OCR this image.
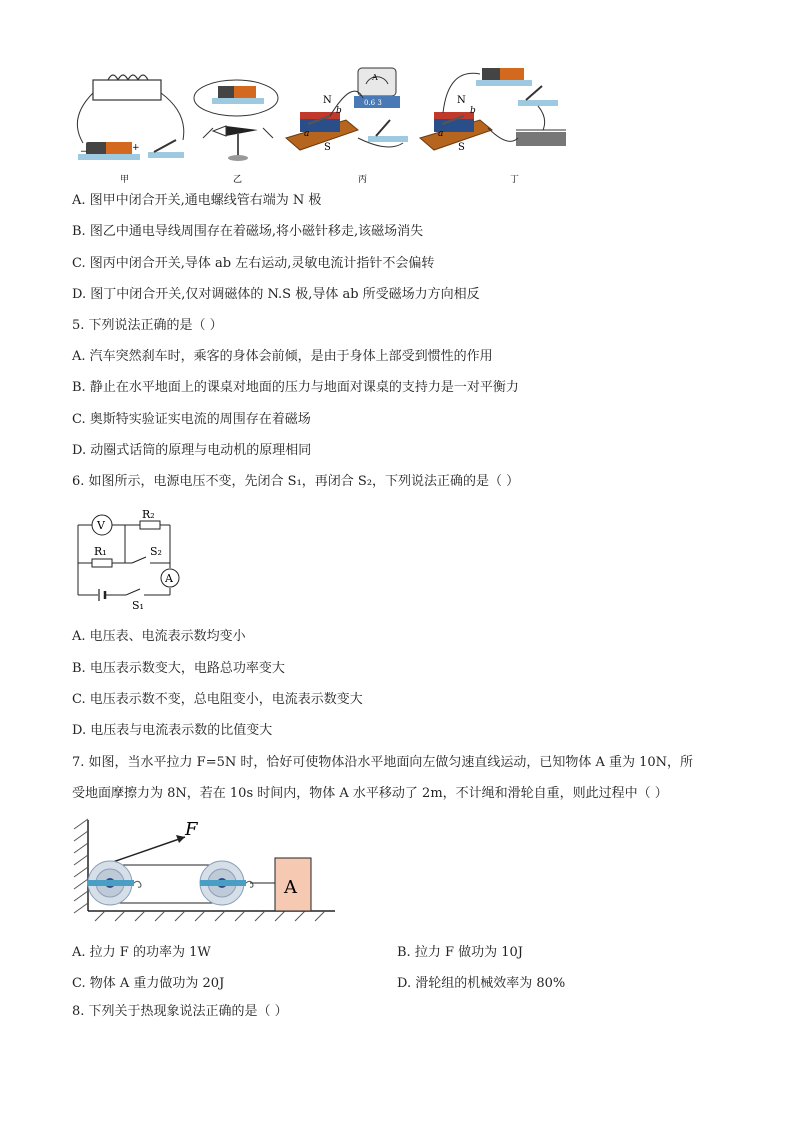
−	+
N
b
a
S
A
0.6 3	N
b
a
S
甲	乙	丙	丁
A. 图甲中闭合开关,通电螺线管右端为 N 极
B. 图乙中通电导线周围存在着磁场,将小磁针移走,该磁场消失
C. 图丙中闭合开关,导体 ab 左右运动,灵敏电流计指针不会偏转
D. 图丁中闭合开关,仅对调磁体的 N.S 极,导体 ab 所受磁场力方向相反
5. 下列说法正确的是（ ）
A. 汽车突然刹车时，乘客的身体会前倾，是由于身体上部受到惯性的作用
B. 静止在水平地面上的课桌对地面的压力与地面对课桌的支持力是一对平衡力
C. 奥斯特实验证实电流的周围存在着磁场
D. 动圈式话筒的原理与电动机的原理相同
6. 如图所示，电源电压不变，先闭合 S₁，再闭合 S₂，下列说法正确的是（ ）
V
A
R₂
R₁	S₂
S₁
A. 电压表、电流表示数均变小
B. 电压表示数变大，电路总功率变大
C. 电压表示数不变，总电阻变小，电流表示数变大
D. 电压表与电流表示数的比值变大
7. 如图，当水平拉力 F=5N 时，恰好可使物体沿水平地面向左做匀速直线运动，已知物体 A 重为 10N，所
受地面摩擦力为 8N，若在 10s 时间内，物体 A 水平移动了 2m，不计绳和滑轮自重，则此过程中（ ）
F
A
A. 拉力 F 的功率为 1W	B. 拉力 F 做功为 10J
C. 物体 A 重力做功为 20J	D. 滑轮组的机械效率为 80%
8. 下列关于热现象说法正确的是（ ）
